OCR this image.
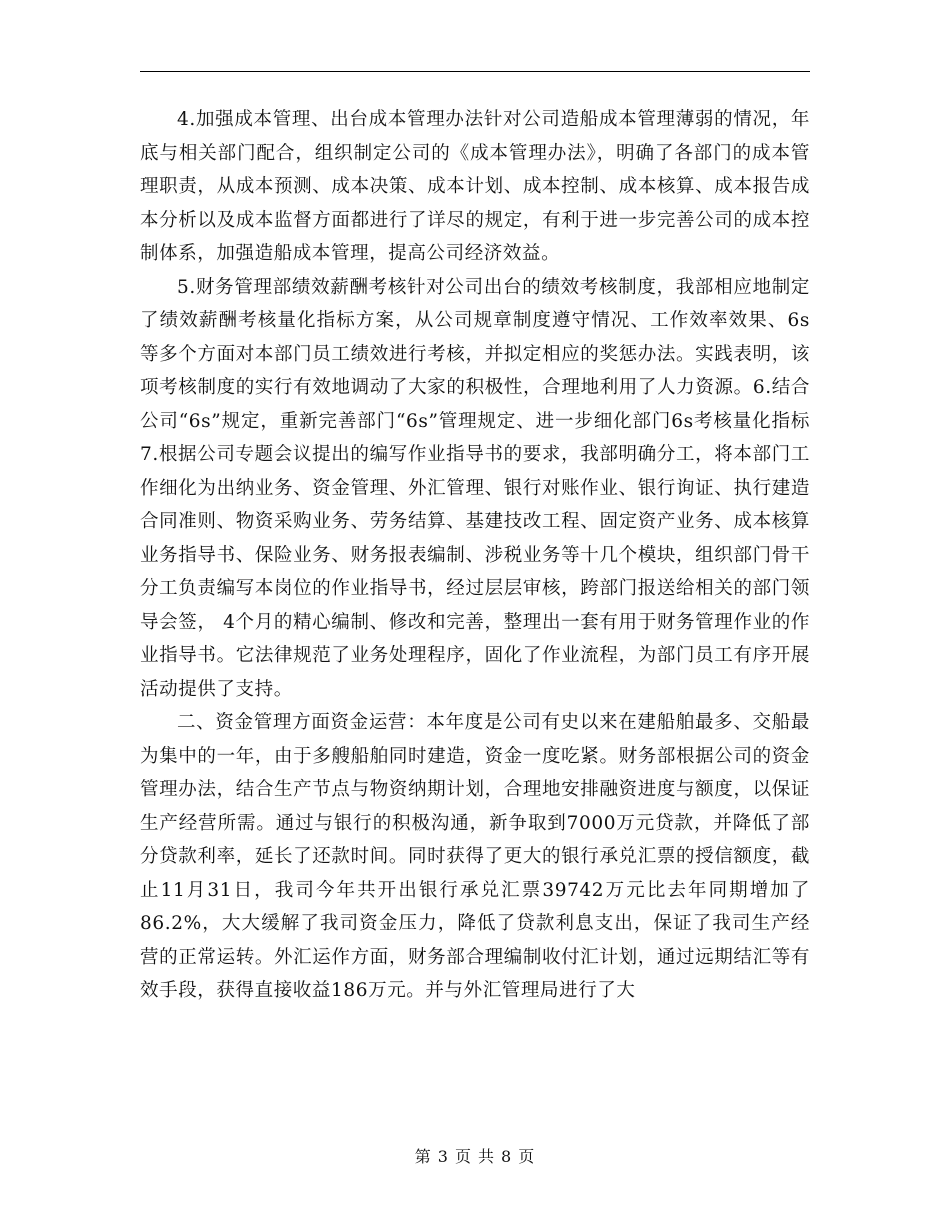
4.加强成本管理、出台成本管理办法针对公司造船成本管理薄弱的情况，年底与相关部门配合，组织制定公司的《成本管理办法》，明确了各部门的成本管理职责，从成本预测、成本决策、成本计划、成本控制、成本核算、成本报告成本分析以及成本监督方面都进行了详尽的规定，有利于进一步完善公司的成本控制体系，加强造船成本管理，提高公司经济效益。

5.财务管理部绩效薪酬考核针对公司出台的绩效考核制度，我部相应地制定了绩效薪酬考核量化指标方案，从公司规章制度遵守情况、工作效率效果、6s等多个方面对本部门员工绩效进行考核，并拟定相应的奖惩办法。实践表明，该项考核制度的实行有效地调动了大家的积极性，合理地利用了人力资源。6.结合公司“6s”规定，重新完善部门“6s”管理规定、进一步细化部门6s考核量化指标7.根据公司专题会议提出的编写作业指导书的要求，我部明确分工，将本部门工作细化为出纳业务、资金管理、外汇管理、银行对账作业、银行询证、执行建造合同准则、物资采购业务、劳务结算、基建技改工程、固定资产业务、成本核算业务指导书、保险业务、财务报表编制、涉税业务等十几个模块，组织部门骨干分工负责编写本岗位的作业指导书，经过层层审核，跨部门报送给相关的部门领导会签， 4个月的精心编制、修改和完善，整理出一套有用于财务管理作业的作业指导书。它法律规范了业务处理程序，固化了作业流程，为部门员工有序开展活动提供了支持。

二、资金管理方面资金运营：本年度是公司有史以来在建船舶最多、交船最为集中的一年，由于多艘船舶同时建造，资金一度吃紧。财务部根据公司的资金管理办法，结合生产节点与物资纳期计划，合理地安排融资进度与额度，以保证生产经营所需。通过与银行的积极沟通，新争取到7000万元贷款，并降低了部分贷款利率，延长了还款时间。同时获得了更大的银行承兑汇票的授信额度，截止11月31日，我司今年共开出银行承兑汇票39742万元比去年同期增加了86.2%，大大缓解了我司资金压力，降低了贷款利息支出，保证了我司生产经营的正常运转。外汇运作方面，财务部合理编制收付汇计划，通过远期结汇等有效手段，获得直接收益186万元。并与外汇管理局进行了大

第 3 页 共 8 页
